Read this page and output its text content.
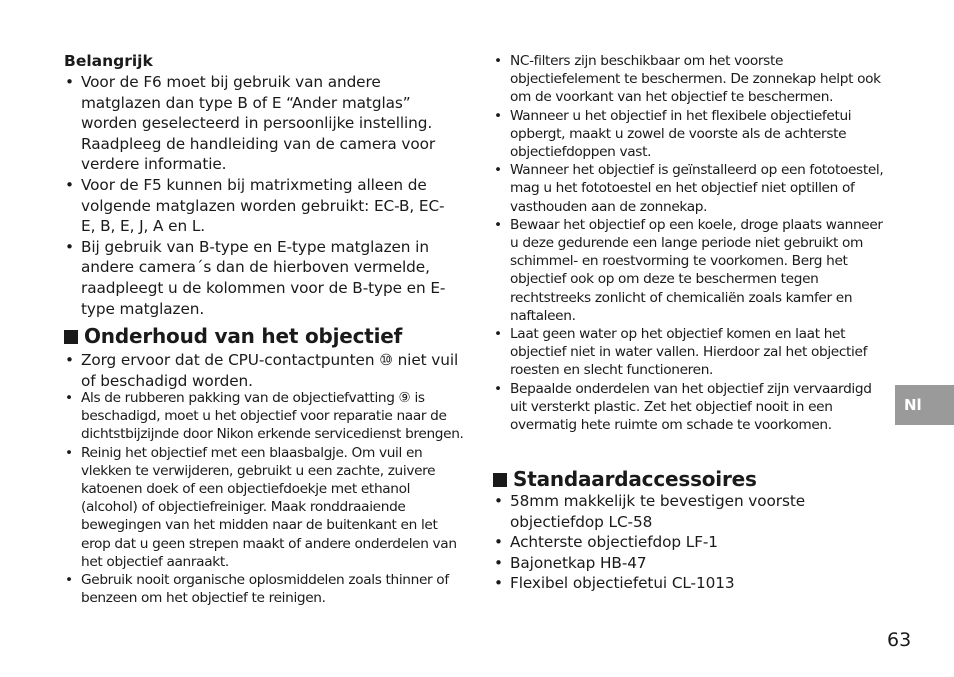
Belangrijk
• Voor de F6 moet bij gebruik van andere matglazen dan type B of E “Ander matglas” worden geselecteerd in persoonlijke instelling. Raadpleeg de handleiding van de camera voor verdere informatie.
• Voor de F5 kunnen bij matrixmeting alleen de volgende matglazen worden gebruikt: EC-B, EC-E, B, E, J, A en L.
• Bij gebruik van B-type en E-type matglazen in andere camera´s dan de hierboven vermelde, raadpleegt u de kolommen voor de B-type en E-type matglazen.
Onderhoud van het objectief
• Zorg ervoor dat de CPU-contactpunten ⑩ niet vuil of beschadigd worden.
• Als de rubberen pakking van de objectiefvatting ⑨ is beschadigd, moet u het objectief voor reparatie naar de dichtstbijzijnde door Nikon erkende servicedienst brengen.
• Reinig het objectief met een blaasbalgje. Om vuil en vlekken te verwijderen, gebruikt u een zachte, zuivere katoenen doek of een objectiefdoekje met ethanol (alcohol) of objectiefreiniger. Maak ronddraaiende bewegingen van het midden naar de buitenkant en let erop dat u geen strepen maakt of andere onderdelen van het objectief aanraakt.
• Gebruik nooit organische oplosmiddelen zoals thinner of benzeen om het objectief te reinigen.
• NC-filters zijn beschikbaar om het voorste objectiefelement te beschermen. De zonnekap helpt ook om de voorkant van het objectief te beschermen.
• Wanneer u het objectief in het flexibele objectiefetui opbergt, maakt u zowel de voorste als de achterste objectiefdoppen vast.
• Wanneer het objectief is geïnstalleerd op een fototoestel, mag u het fototoestel en het objectief niet optillen of vasthouden aan de zonnekap.
• Bewaar het objectief op een koele, droge plaats wanneer u deze gedurende een lange periode niet gebruikt om schimmel- en roestvorming te voorkomen. Berg het objectief ook op om deze te beschermen tegen rechtstreeks zonlicht of chemicaliën zoals kamfer en naftaleen.
• Laat geen water op het objectief komen en laat het objectief niet in water vallen. Hierdoor zal het objectief roesten en slecht functioneren.
• Bepaalde onderdelen van het objectief zijn vervaardigd uit versterkt plastic. Zet het objectief nooit in een overmatig hete ruimte om schade te voorkomen.
Standaardaccessoires
• 58mm makkelijk te bevestigen voorste objectiefdop LC-58
• Achterste objectiefdop LF-1
• Bajonetkap HB-47
• Flexibel objectiefetui CL-1013
Nl
63
